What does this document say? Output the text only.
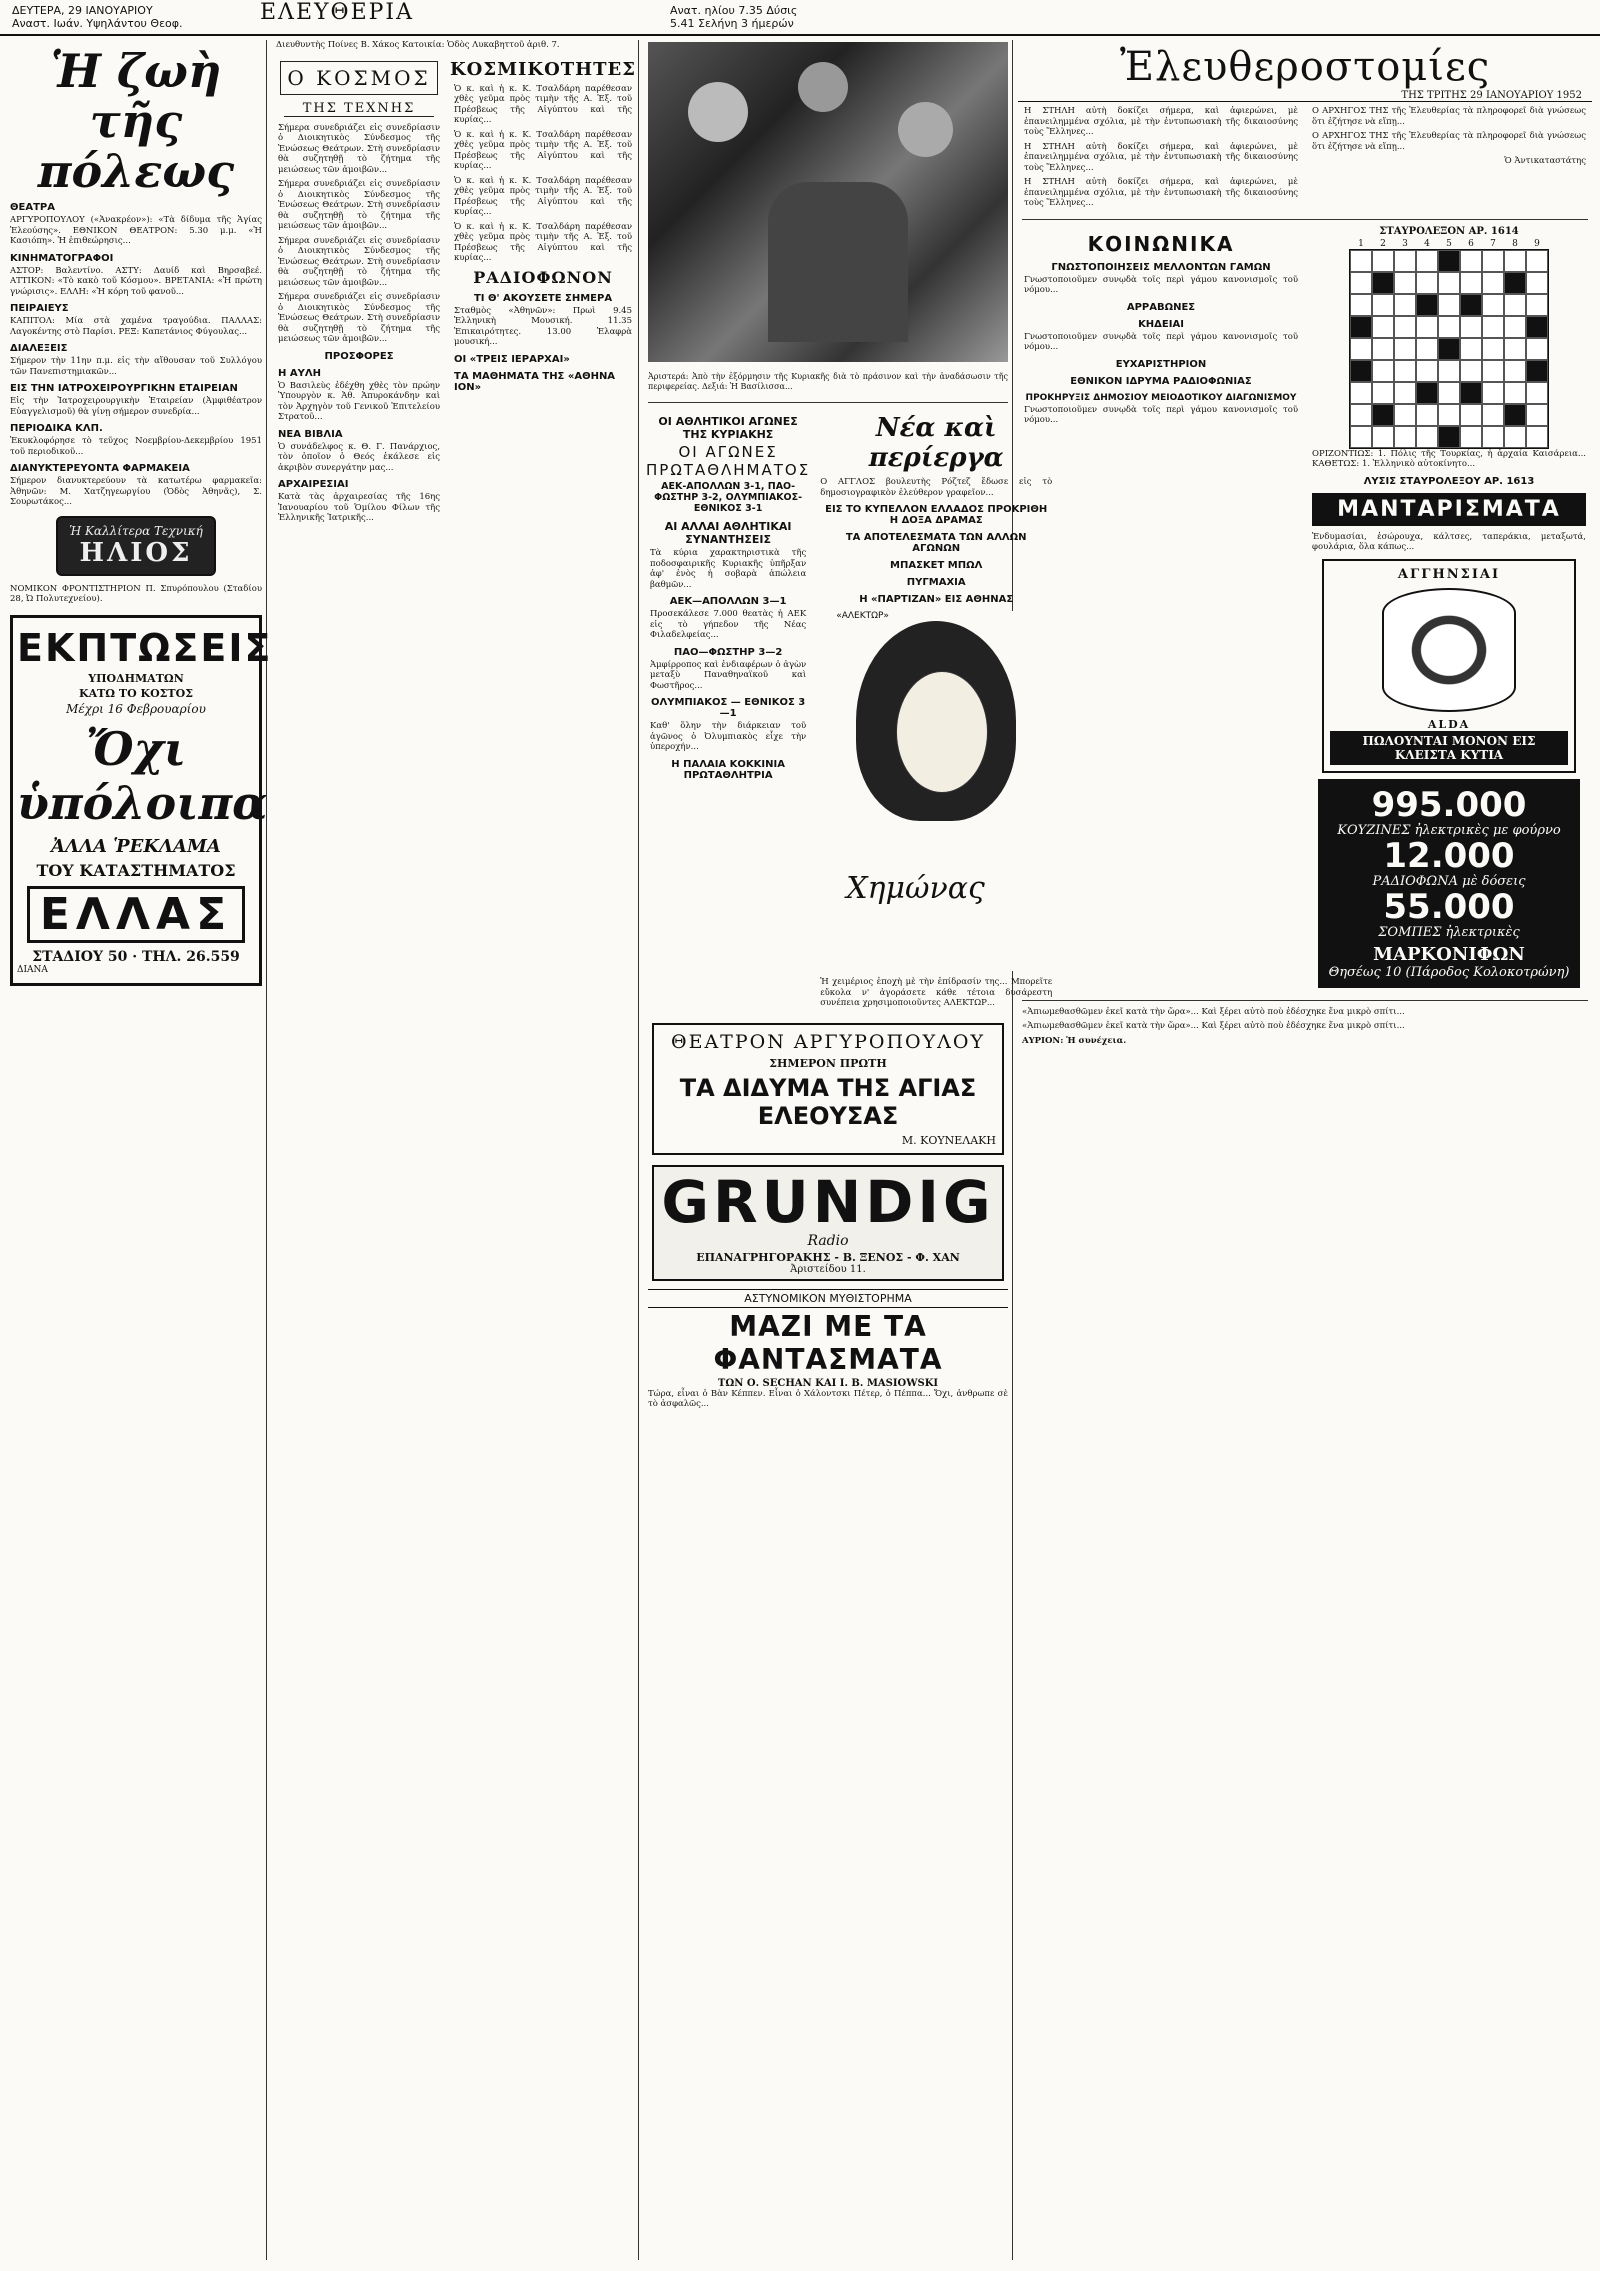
ΔΕΥΤΕΡΑ, 29 ΙΑΝΟΥΑΡΙΟΥ
Αναστ. Ιωάν. Υψηλάντου Θεοφ.	ΕΛΕΥΘΕΡΙΑ	Ανατ. ηλίου 7.35 Δύσις
5.41 Σελήνη 3 ήμερών
Ἡ ζωὴ τῆς πόλεως
ΘΕΑΤΡΑ

ΑΡΓΥΡΟΠΟΥΛΟΥ («Ἀνακρέον»): «Τὰ δίδυμα τῆς Ἁγίας Ἐλεούσης». ΕΘΝΙΚΟΝ ΘΕΑΤΡΟΝ: 5.30 μ.μ. «Ἡ Κασιόπη». Ἡ ἐπιθεώρησις...

ΚΙΝΗΜΑΤΟΓΡΑΦΟΙ

ΑΣΤΟΡ: Βαλεντίνο. ΑΣΤΥ: Δαυίδ καὶ Βηρσαβεέ. ΑΤΤΙΚΟΝ: «Τὸ κακὸ τοῦ Κόσμου». ΒΡΕΤΑΝΙΑ: «Ἡ πρώτη γνώρισις». ΕΛΛΗ: «Ἡ κόρη τοῦ φανοῦ...

ΠΕΙΡΑΙΕΥΣ

ΚΑΠΙΤΟΛ: Μία στὰ χαμένα τραγούδια. ΠΑΛΛΑΣ: Λαγοκέντης στὸ Παρίσι. ΡΕΞ: Καπετάνιος Φύγουλας...

ΔΙΑΛΕΞΕΙΣ

Σήμερον τὴν 11ην π.μ. εἰς τὴν αἴθουσαν τοῦ Συλλόγου τῶν Πανεπιστημιακῶν...

ΕΙΣ ΤΗΝ ΙΑΤΡΟΧΕΙΡΟΥΡΓΙΚΗΝ ΕΤΑΙΡΕΙΑΝ

Εἰς τὴν Ἰατροχειρουργικὴν Ἑταιρείαν (Ἀμφιθέατρον Εὐαγγελισμοῦ) θὰ γίνῃ σήμερον συνεδρία...

ΠΕΡΙΟΔΙΚΑ ΚΛΠ.

Ἐκυκλοφόρησε τὸ τεῦχος Νοεμβρίου-Δεκεμβρίου 1951 τοῦ περιοδικοῦ...

ΔΙΑΝΥΚΤΕΡΕΥΟΝΤΑ ΦΑΡΜΑΚΕΙΑ

Σήμερον διανυκτερεύουν τὰ κατωτέρω φαρμακεῖα: Ἀθηνῶν: Μ. Χατζηγεωργίου (Ὁδὸς Ἀθηνᾶς), Σ. Σουρωτάκος...

Ἡ Καλλίτερα Τεχνική
ΗΛΙΟΣ

ΝΟΜΙΚΟΝ ΦΡΟΝΤΙΣΤΗΡΙΟΝ Π. Σπυρόπουλου (Σταδίου 28, Ὠ Πολυτεχνείου).

ΕΚΠΤΩΣΕΙΣ
ΥΠΟΔΗΜΑΤΩΝ
ΚΑΤΩ ΤΟ ΚΟΣΤΟΣ
Μέχρι 16 Φεβρουαρίου
Ὄχι ὑπόλοιπα
ἈΛΛΑ ῬΕΚΛΑΜΑ
ΤΟΥ ΚΑΤΑΣΤΗΜΑΤΟΣ
ΕΛΛΑΣ
ΣΤΑΔΙΟΥ 50 · ΤΗΛ. 26.559
ΔΙΑΝΑ

Διευθυντὴς Ποίνες Β. Χάκος Κατοικία: Ὁδὸς Λυκαβηττοῦ ἀριθ. 7.

Ο ΚΟΣΜΟΣ
ΤΗΣ ΤΕΧΝΗΣ

Σήμερα συνεδριάζει εἰς συνεδρίασιν ὁ Διοικητικὸς Σύνδεσμος τῆς Ἑνώσεως Θεάτρων. Στὴ συνεδρίασιν θὰ συζητηθῇ τὸ ζήτημα τῆς μειώσεως τῶν ἀμοιβῶν...

Σήμερα συνεδριάζει εἰς συνεδρίασιν ὁ Διοικητικὸς Σύνδεσμος τῆς Ἑνώσεως Θεάτρων. Στὴ συνεδρίασιν θὰ συζητηθῇ τὸ ζήτημα τῆς μειώσεως τῶν ἀμοιβῶν...

Σήμερα συνεδριάζει εἰς συνεδρίασιν ὁ Διοικητικὸς Σύνδεσμος τῆς Ἑνώσεως Θεάτρων. Στὴ συνεδρίασιν θὰ συζητηθῇ τὸ ζήτημα τῆς μειώσεως τῶν ἀμοιβῶν...

Σήμερα συνεδριάζει εἰς συνεδρίασιν ὁ Διοικητικὸς Σύνδεσμος τῆς Ἑνώσεως Θεάτρων. Στὴ συνεδρίασιν θὰ συζητηθῇ τὸ ζήτημα τῆς μειώσεως τῶν ἀμοιβῶν...

ΠΡΟΣΦΟΡΕΣ
Η ΑΥΛΗ

Ὁ Βασιλεὺς ἐδέχθη χθὲς τὸν πρώην Ὑπουργὸν κ. Ἀθ. Ἀπυροκάνδην καὶ τὸν Ἀρχηγὸν τοῦ Γενικοῦ Ἐπιτελείου Στρατοῦ...

ΝΕΑ ΒΙΒΛΙΑ

Ὁ συνάδελφος κ. Θ. Γ. Πανάρχιος, τὸν ὁποῖον ὁ Θεός ἐκάλεσε εἰς ἀκριβὸν συνεργάτην μας...

ΑΡΧΑΙΡΕΣΙΑΙ

Κατὰ τὰς ἀρχαιρεσίας τῆς 16ης Ἰανουαρίου τοῦ Ὁμίλου Φίλων τῆς Ἑλληνικῆς Ἰατρικῆς...

ΚΟΣΜΙΚΟΤΗΤΕΣ

Ὁ κ. καὶ ἡ κ. Κ. Τσαλδάρη παρέθεσαν χθὲς γεῦμα πρὸς τιμὴν τῆς Α. Ἐξ. τοῦ Πρέσβεως τῆς Αἰγύπτου καὶ τῆς κυρίας...

Ὁ κ. καὶ ἡ κ. Κ. Τσαλδάρη παρέθεσαν χθὲς γεῦμα πρὸς τιμὴν τῆς Α. Ἐξ. τοῦ Πρέσβεως τῆς Αἰγύπτου καὶ τῆς κυρίας...

Ὁ κ. καὶ ἡ κ. Κ. Τσαλδάρη παρέθεσαν χθὲς γεῦμα πρὸς τιμὴν τῆς Α. Ἐξ. τοῦ Πρέσβεως τῆς Αἰγύπτου καὶ τῆς κυρίας...

Ὁ κ. καὶ ἡ κ. Κ. Τσαλδάρη παρέθεσαν χθὲς γεῦμα πρὸς τιμὴν τῆς Α. Ἐξ. τοῦ Πρέσβεως τῆς Αἰγύπτου καὶ τῆς κυρίας...

ΡΑΔΙΟΦΩΝΟΝ
ΤΙ Θ' ΑΚΟΥΣΕΤΕ ΣΗΜΕΡΑ

Σταθμὸς «Ἀθηνῶν»: Πρωὶ 9.45 Ἑλληνικὴ Μουσική. 11.35 Ἐπικαιρότητες. 13.00 Ἐλαφρὰ μουσική...

ΟΙ «ΤΡΕΙΣ ΙΕΡΑΡΧΑΙ»
ΤΑ ΜΑΘΗΜΑΤΑ ΤΗΣ «ΑΘΗΝΑ ΙΟΝ»

Ἀριστερά: Ἀπὸ τὴν ἐξόρμησιν τῆς Κυριακῆς διὰ τὸ πράσινον καὶ τὴν ἀναδάσωσιν τῆς περιφερείας. Δεξιά: Ἡ Βασίλισσα...

ΟΙ ΑΘΛΗΤΙΚΟΙ ΑΓΩΝΕΣ ΤΗΣ ΚΥΡΙΑΚΗΣ
ΟΙ ΑΓΩΝΕΣ ΠΡΩΤΑΘΛΗΜΑΤΟΣ
ΑΕΚ-ΑΠΟΛΛΩΝ 3-1, ΠΑΟ-ΦΩΣΤΗΡ 3-2, ΟΛΥΜΠΙΑΚΟΣ-ΕΘΝΙΚΟΣ 3-1
ΑΙ ΑΛΛΑΙ ΑΘΛΗΤΙΚΑΙ ΣΥΝΑΝΤΗΣΕΙΣ

Τὰ κύρια χαρακτηριστικὰ τῆς ποδοσφαιρικῆς Κυριακῆς ὑπῆρξαν ἀφ' ἑνὸς ἡ σοβαρὰ ἀπώλεια βαθμῶν...

ΑΕΚ—ΑΠΟΛΛΩΝ 3—1

Προσεκάλεσε 7.000 θεατὰς ἡ ΑΕΚ εἰς τὸ γήπεδον τῆς Νέας Φιλαδελφείας...

ΠΑΟ—ΦΩΣΤΗΡ 3—2

Ἀμφίρροπος καὶ ἐνδιαφέρων ὁ ἀγὼν μεταξὺ Παναθηναϊκοῦ καὶ Φωστῆρος...

ΟΛΥΜΠΙΑΚΟΣ — ΕΘΝΙΚΟΣ 3—1

Καθ' ὅλην τὴν διάρκειαν τοῦ ἀγῶνος ὁ Ὀλυμπιακὸς εἶχε τὴν ὑπεροχήν...

Η ΠΑΛΑΙΑ ΚΟΚΚΙΝΙΑ ΠΡΩΤΑΘΛΗΤΡΙΑ
Νέα καὶ περίεργα

Ο ΑΓΓΛΟΣ βουλευτὴς Ρόζτεζ ἔδωσε εἰς τὸ δημοσιογραφικὸν ἐλεύθερον γραφεῖον...

ΕΙΣ ΤΟ ΚΥΠΕΛΛΟΝ ΕΛΛΑΔΟΣ ΠΡΟΚΡΙΘΗ Η ΔΟΞΑ ΔΡΑΜΑΣ
ΤΑ ΑΠΟΤΕΛΕΣΜΑΤΑ ΤΩΝ ΑΛΛΩΝ ΑΓΩΝΩΝ
ΜΠΑΣΚΕΤ ΜΠΩΛ
ΠΥΓΜΑΧΙΑ
Η «ΠΑΡΤΙΖΑΝ» ΕΙΣ ΑΘΗΝΑΣ
«ΑΛΕΚΤΩΡ»
Χημώνας

Ἡ χειμέριος ἐποχὴ μὲ τὴν ἐπίδρασίν της... Μπορεῖτε εὔκολα ν' ἀγοράσετε κάθε τέτοια δυσάρεστη συνέπεια χρησιμοποιοῦντες ΑΛΕΚΤΩΡ...

ΘΕΑΤΡΟΝ ΑΡΓΥΡΟΠΟΥΛΟΥ
ΣΗΜΕΡΟΝ ΠΡΩΤΗ
ΤΑ ΔΙΔΥΜΑ ΤΗΣ ΑΓΙΑΣ ΕΛΕΟΥΣΑΣ
Μ. ΚΟΥΝΕΛΑΚΗ
GRUNDIG
Radio
ΕΠΑΝΑΓΡΗΓΟΡΑΚΗΣ - Β. ΞΕΝΟΣ - Φ. ΧΑΝ
Ἀριστείδου 11.
ΑΣΤΥΝΟΜΙΚΟΝ ΜΥΘΙΣΤΟΡΗΜΑ
ΜΑΖΙ ΜΕ ΤΑ ΦΑΝΤΑΣΜΑΤΑ
ΤΩΝ Ο. SECHAN ΚΑΙ Ι. Β. MASIOWSKI

Τώρα, εἶναι ὁ Βὰν Κέππεν. Εἶναι ὁ Χάλοντσκι Πέτερ, ὁ Πέππα... Ὄχι, ἀνθρωπε σὲ τὸ ἀσφαλῶς...

Ἐλευθεροστομίες
ΤΗΣ ΤΡΙΤΗΣ 29 ΙΑΝΟΥΑΡΙΟΥ 1952

Η ΣΤΗΛΗ αὐτὴ δοκίζει σήμερα, καὶ ἀφιερώνει, μὲ ἐπανειλημμένα σχόλια, μὲ τὴν ἐντυπωσιακὴ τῆς δικαιοσύνης τοὺς Ἕλληνες...

Η ΣΤΗΛΗ αὐτὴ δοκίζει σήμερα, καὶ ἀφιερώνει, μὲ ἐπανειλημμένα σχόλια, μὲ τὴν ἐντυπωσιακὴ τῆς δικαιοσύνης τοὺς Ἕλληνες...

Η ΣΤΗΛΗ αὐτὴ δοκίζει σήμερα, καὶ ἀφιερώνει, μὲ ἐπανειλημμένα σχόλια, μὲ τὴν ἐντυπωσιακὴ τῆς δικαιοσύνης τοὺς Ἕλληνες...

Ο ΑΡΧΗΓΟΣ ΤΗΣ τῆς Ἐλευθερίας τὰ πληροφορεῖ διὰ γνώσεως ὅτι ἐζήτησε νὰ εἴπῃ...

Ο ΑΡΧΗΓΟΣ ΤΗΣ τῆς Ἐλευθερίας τὰ πληροφορεῖ διὰ γνώσεως ὅτι ἐζήτησε νὰ εἴπῃ...

Ὁ Ἀντικαταστάτης

ΚΟΙΝΩΝΙΚΑ
ΓΝΩΣΤΟΠΟΙΗΣΕΙΣ ΜΕΛΛΟΝΤΩΝ ΓΑΜΩΝ

Γνωστοποιοῦμεν συνῳδὰ τοῖς περὶ γάμου κανονισμοῖς τοῦ νόμου...

ΑΡΡΑΒΩΝΕΣ
ΚΗΔΕΙΑΙ

Γνωστοποιοῦμεν συνῳδὰ τοῖς περὶ γάμου κανονισμοῖς τοῦ νόμου...

ΕΥΧΑΡΙΣΤΗΡΙΟΝ
ΕΘΝΙΚΟΝ ΙΔΡΥΜΑ ΡΑΔΙΟΦΩΝΙΑΣ
ΠΡΟΚΗΡΥΞΙΣ ΔΗΜΟΣΙΟΥ ΜΕΙΟΔΟΤΙΚΟΥ ΔΙΑΓΩΝΙΣΜΟΥ

Γνωστοποιοῦμεν συνῳδὰ τοῖς περὶ γάμου κανονισμοῖς τοῦ νόμου...

ΣΤΑΥΡΟΛΕΞΟΝ ΑΡ. 1614
1	2	3	4	5	6	7	8	9

ΟΡΙΖΟΝΤΙΩΣ: 1. Πόλις τῆς Τουρκίας, ἡ ἀρχαία Καισάρεια... ΚΑΘΕΤΩΣ: 1. Ἐλληνικὸ αὐτοκίνητο...

ΛΥΣΙΣ ΣΤΑΥΡΟΛΕΞΟΥ ΑΡ. 1613
ΜΑΝΤΑΡΙΣΜΑΤΑ

Ἐνδυμασίαι, ἐσώρουχα, κάλτσες, ταπεράκια, μεταξωτά, φουλάρια, ὅλα κάπως...

ΑΓΓΗΝΣΙΑΙ
ALDA
ΠΩΛΟΥΝΤΑΙ ΜΟΝΟΝ ΕΙΣ ΚΛΕΙΣΤΑ ΚΥΤΙΑ
995.000
ΚΟΥΖΙΝΕΣ ἠλεκτρικὲς με φούρνο
12.000
ΡΑΔΙΟΦΩΝΑ μὲ δόσεις
55.000
ΣΟΜΠΕΣ ἠλεκτρικὲς
ΜΑΡΚΟΝΙΦΩΝ
Θησέως 10 (Πάροδος Κολοκοτρώνη)

«Ἀπιωμεθασθῶμεν ἐκεῖ κατὰ τὴν ὥρα»... Καὶ ξέρει αὐτὸ ποὺ ἐδέσχηκε ἕνα μικρὸ σπίτι...

«Ἀπιωμεθασθῶμεν ἐκεῖ κατὰ τὴν ὥρα»... Καὶ ξέρει αὐτὸ ποὺ ἐδέσχηκε ἕνα μικρὸ σπίτι...

ΑΥΡΙΟΝ: Ἡ συνέχεια.
